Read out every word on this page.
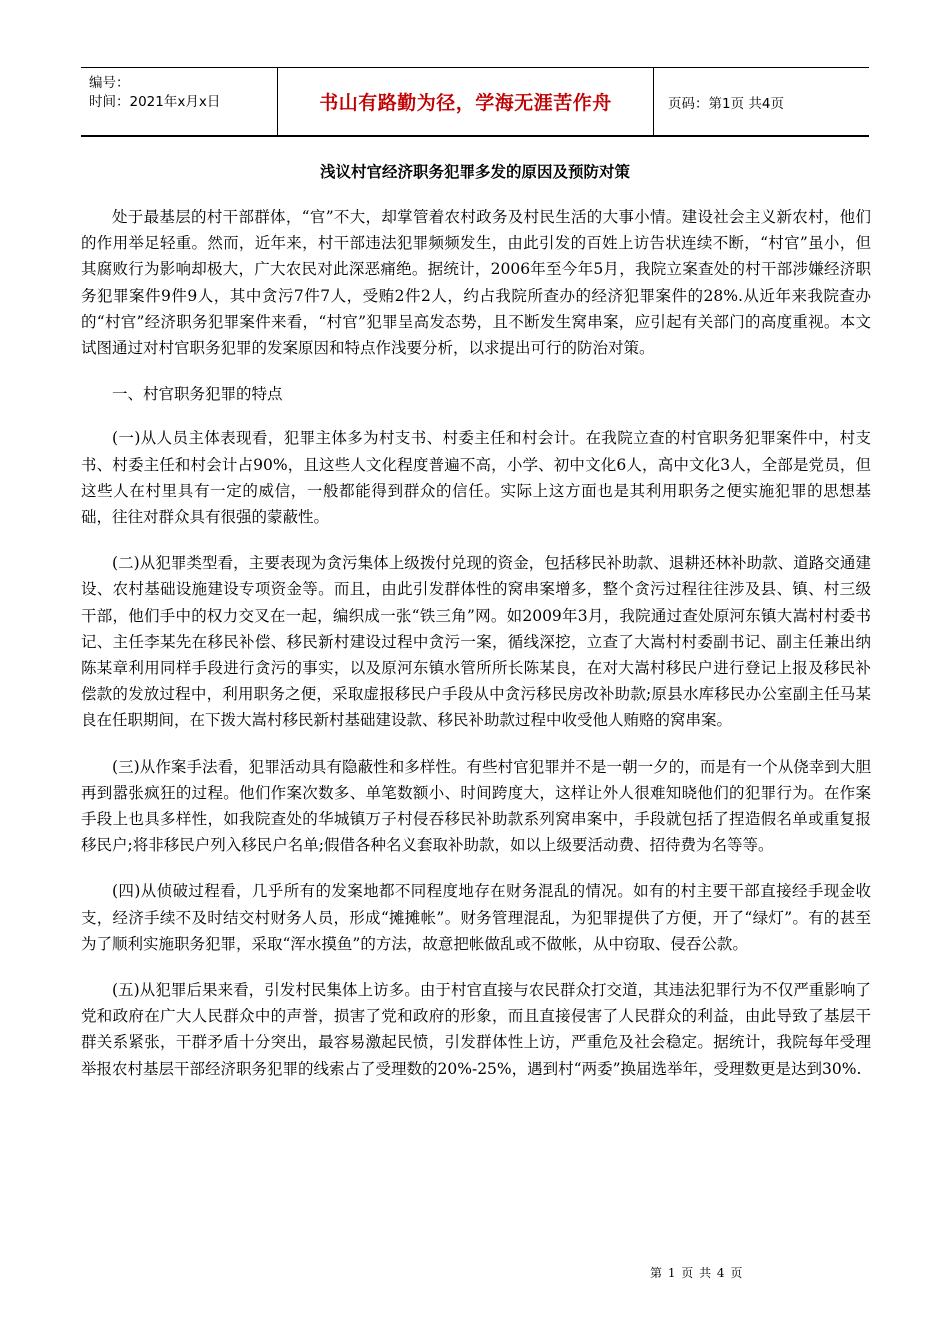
编号：
时间：2021年x月x日	书山有路勤为径，学海无涯苦作舟	页码：第1页 共4页
浅议村官经济职务犯罪多发的原因及预防对策

处于最基层的村干部群体，“官”不大，却掌管着农村政务及村民生活的大事小情。建设社会主义新农村，他们的作用举足轻重。然而，近年来，村干部违法犯罪频频发生，由此引发的百姓上访告状连续不断，“村官”虽小，但其腐败行为影响却极大，广大农民对此深恶痛绝。据统计，2006年至今年5月，我院立案查处的村干部涉嫌经济职务犯罪案件9件9人，其中贪污7件7人，受贿2件2人，约占我院所查办的经济犯罪案件的28%.从近年来我院查办的“村官”经济职务犯罪案件来看，“村官”犯罪呈高发态势，且不断发生窝串案，应引起有关部门的高度重视。本文试图通过对村官职务犯罪的发案原因和特点作浅要分析，以求提出可行的防治对策。

一、村官职务犯罪的特点

(一)从人员主体表现看，犯罪主体多为村支书、村委主任和村会计。在我院立查的村官职务犯罪案件中，村支书、村委主任和村会计占90%，且这些人文化程度普遍不高，小学、初中文化6人，高中文化3人，全部是党员，但这些人在村里具有一定的威信，一般都能得到群众的信任。实际上这方面也是其利用职务之便实施犯罪的思想基础，往往对群众具有很强的蒙蔽性。

(二)从犯罪类型看，主要表现为贪污集体上级拨付兑现的资金，包括移民补助款、退耕还林补助款、道路交通建设、农村基础设施建设专项资金等。而且，由此引发群体性的窝串案增多，整个贪污过程往往涉及县、镇、村三级干部，他们手中的权力交叉在一起，编织成一张“铁三角”网。如2009年3月，我院通过查处原河东镇大嵩村村委书记、主任李某先在移民补偿、移民新村建设过程中贪污一案，循线深挖，立查了大嵩村村委副书记、副主任兼出纳陈某章利用同样手段进行贪污的事实，以及原河东镇水管所所长陈某良，在对大嵩村移民户进行登记上报及移民补偿款的发放过程中，利用职务之便，采取虚报移民户手段从中贪污移民房改补助款;原县水库移民办公室副主任马某良在任职期间，在下拨大嵩村移民新村基础建设款、移民补助款过程中收受他人贿赂的窝串案。

(三)从作案手法看，犯罪活动具有隐蔽性和多样性。有些村官犯罪并不是一朝一夕的，而是有一个从侥幸到大胆再到嚣张疯狂的过程。他们作案次数多、单笔数额小、时间跨度大，这样让外人很难知晓他们的犯罪行为。在作案手段上也具多样性，如我院查处的华城镇万子村侵吞移民补助款系列窝串案中，手段就包括了捏造假名单或重复报移民户;将非移民户列入移民户名单;假借各种名义套取补助款，如以上级要活动费、招待费为名等等。

(四)从侦破过程看，几乎所有的发案地都不同程度地存在财务混乱的情况。如有的村主要干部直接经手现金收支，经济手续不及时结交村财务人员，形成“摊摊帐”。财务管理混乱，为犯罪提供了方便，开了“绿灯”。有的甚至为了顺利实施职务犯罪，采取“浑水摸鱼”的方法，故意把帐做乱或不做帐，从中窃取、侵吞公款。

(五)从犯罪后果来看，引发村民集体上访多。由于村官直接与农民群众打交道，其违法犯罪行为不仅严重影响了党和政府在广大人民群众中的声誉，损害了党和政府的形象，而且直接侵害了人民群众的利益，由此导致了基层干群关系紧张，干群矛盾十分突出，最容易激起民愤，引发群体性上访，严重危及社会稳定。据统计，我院每年受理举报农村基层干部经济职务犯罪的线索占了受理数的20%-25%，遇到村“两委”换届选举年，受理数更是达到30%.

第 1 页 共 4 页
